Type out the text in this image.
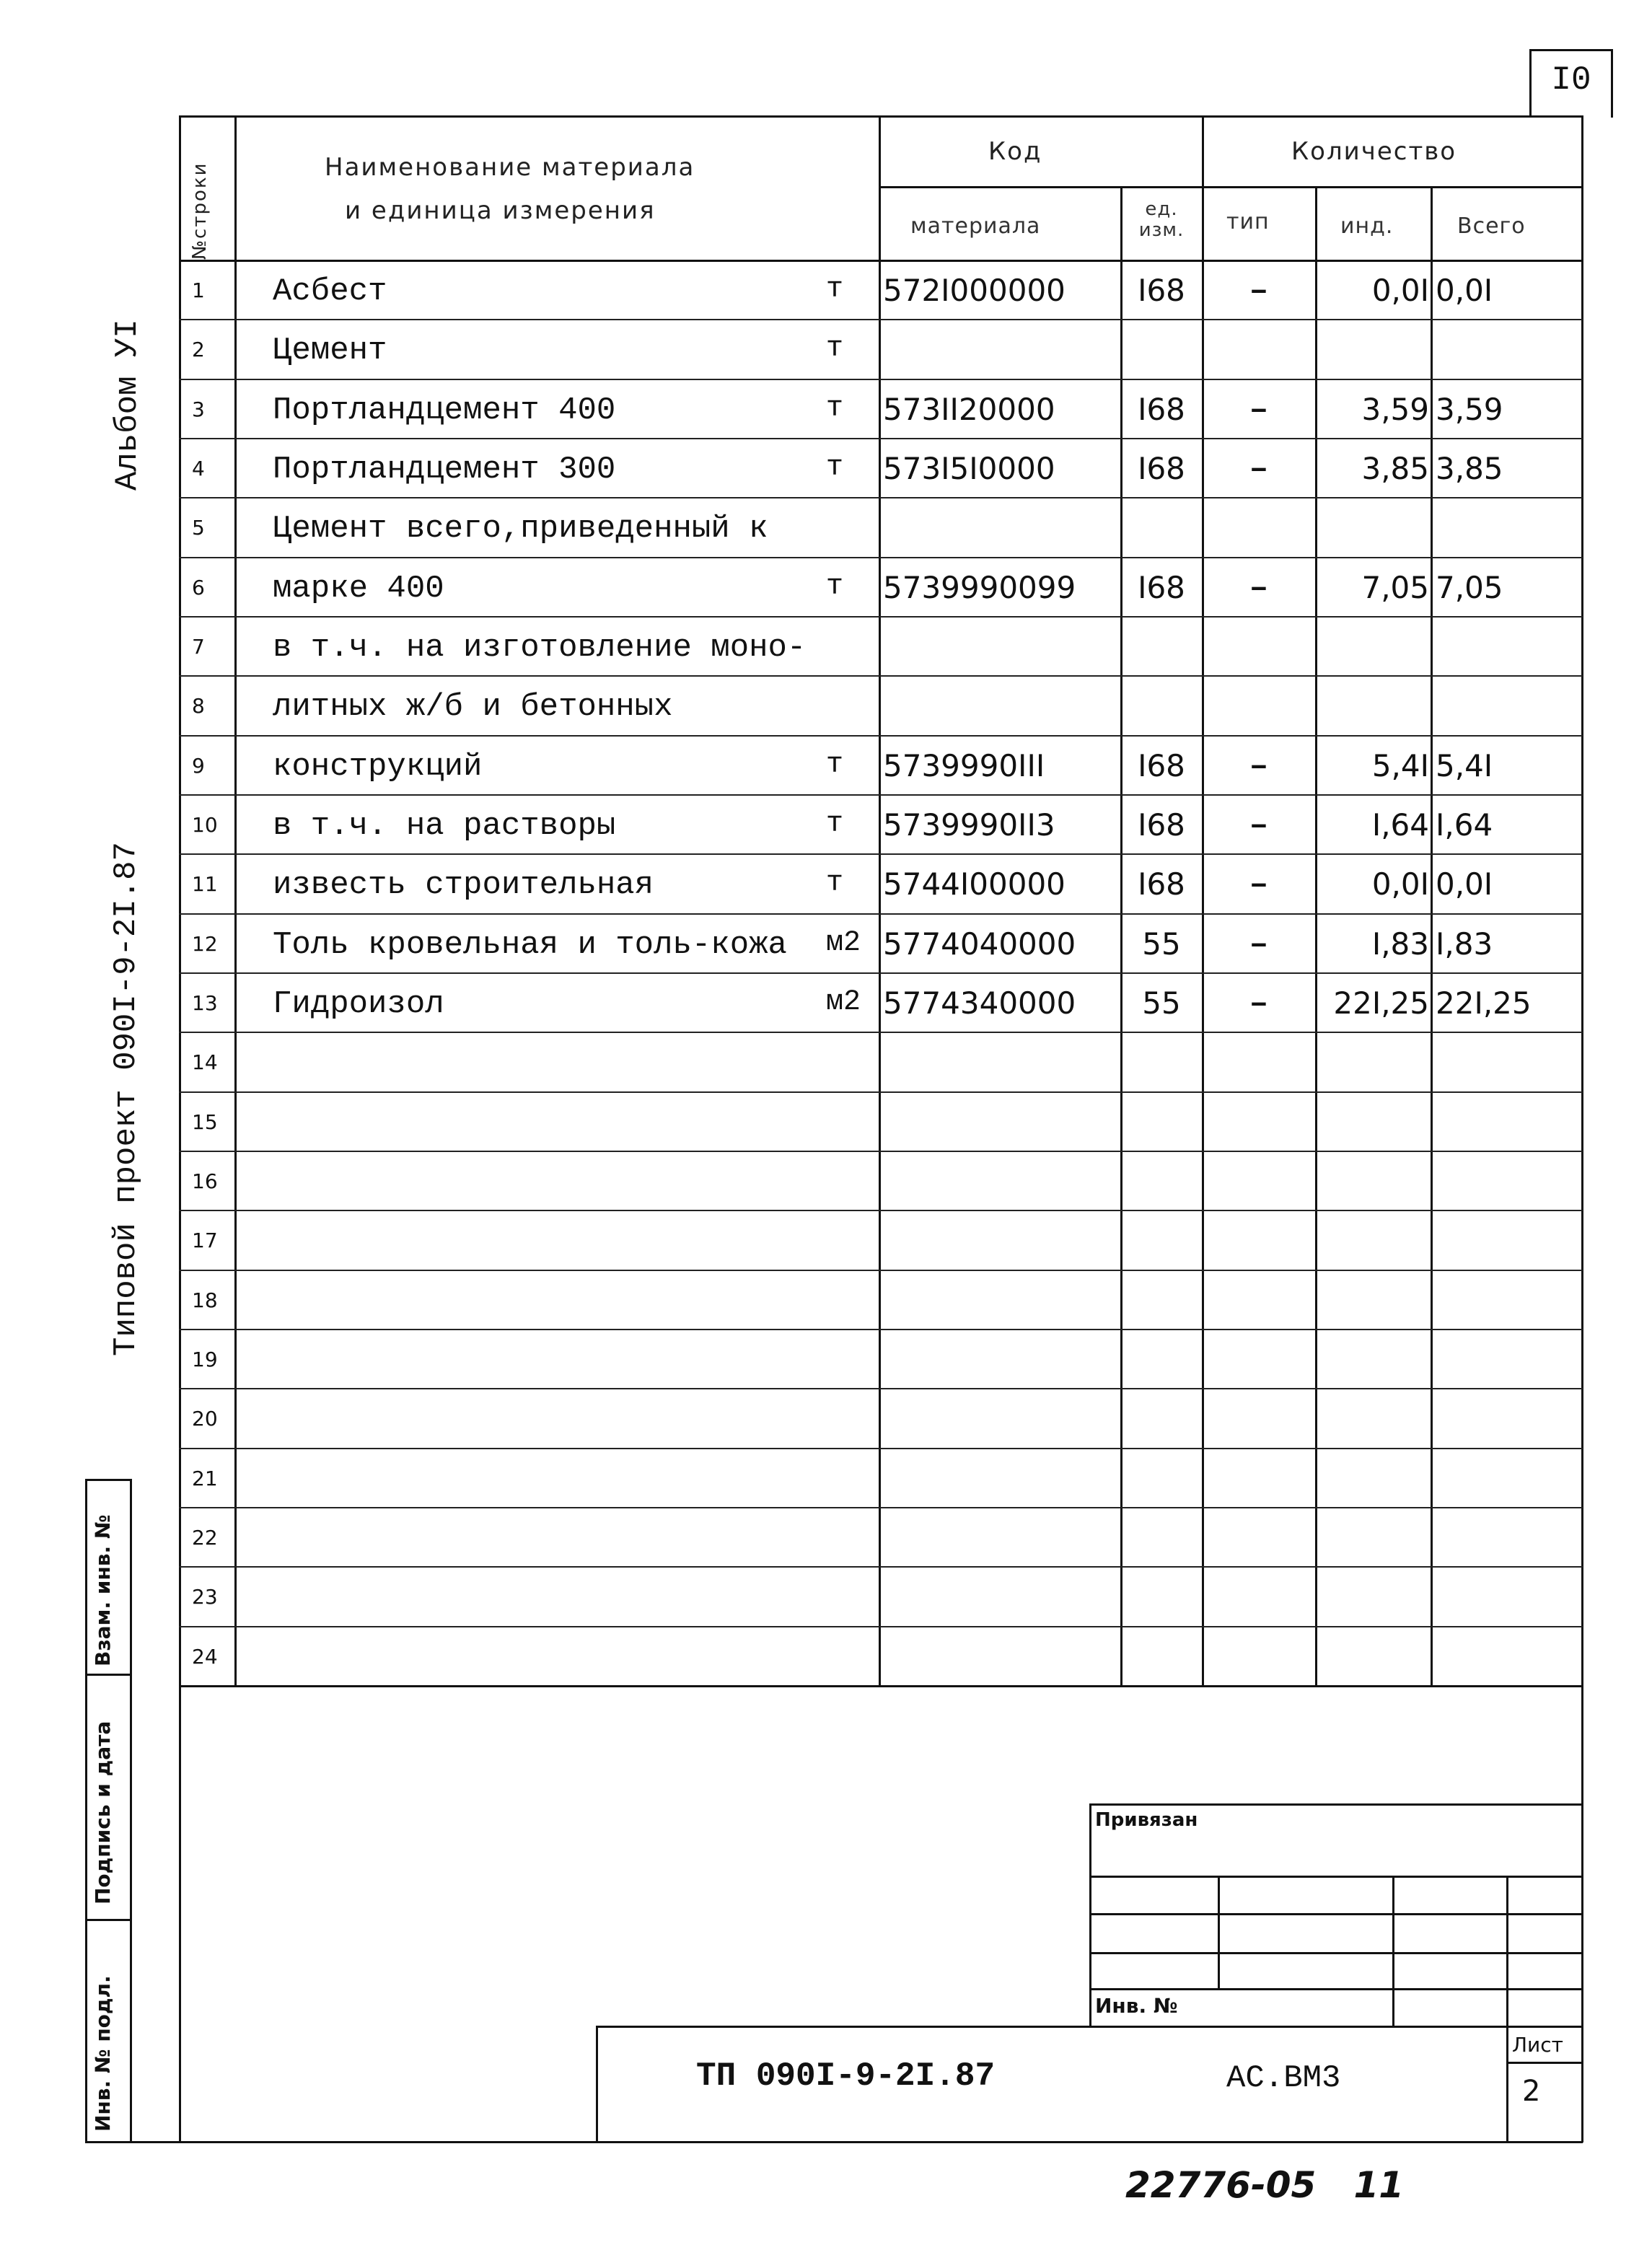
I0
Альбом УI
Типовой проект 090I-9-2I.87
Взам. инв. №
Подпись и дата
Инв. № подл.
№строки	Наименование материала
и единица измерения
Код	Количество
материала
ед. изм.	тип	инд.	Всего
1 Асбест	т 572I000000	I68	–	0,0I 0,0I
2 Цемент	т
3 Портландцемент 400	т 573II20000	I68	–	3,59 3,59
4 Портландцемент 300	т 573I5I0000	I68	–	3,85 3,85
5 Цемент всего,приведенный к
6 марке 400	т 5739990099	I68	–	7,05 7,05
7 в т.ч. на изготовление моно-
8 литных ж/б и бетонных
9 конструкций	т 5739990III	I68	–	5,4I 5,4I
10 в т.ч. на растворы	т 5739990II3	I68	–	I,64 I,64
11 известь строительная	т 5744I00000	I68	–	0,0I 0,0I
12 Толь кровельная и толь-кожа м2 5774040000	55	–	I,83 I,83
13 Гидроизол	м2 5774340000	55	–	22I,25 22I,25
14
15
16
17
18
19
20
21
22
23
24
Привязан
Инв. №
ТП 090I-9-2I.87	АС.ВМ3
Лист
2
22776-05   11
